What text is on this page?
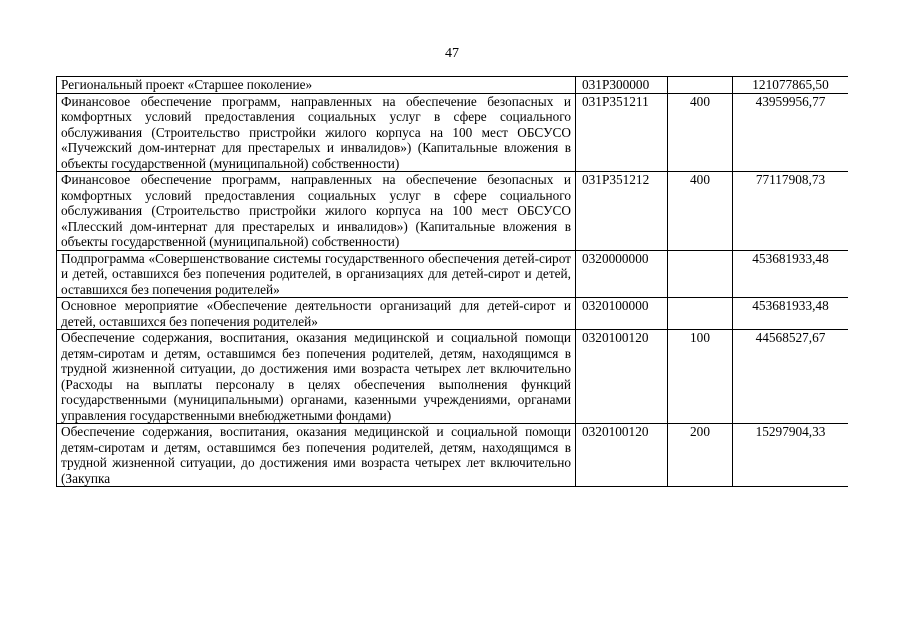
47
Региональный проект «Старшее поколение»	031P300000		121077865,50
Финансовое обеспечение программ, направленных на обеспечение безопасных и комфортных условий предоставления социальных услуг в сфере социального обслуживания (Строительство пристройки жилого корпуса на 100 мест ОБСУСО «Пучежский дом-интернат для престарелых и инвалидов») (Капитальные вложения в объекты государственной (муниципальной) собственности)	031P351211	400	43959956,77
Финансовое обеспечение программ, направленных на обеспечение безопасных и комфортных условий предоставления социальных услуг в сфере социального обслуживания (Строительство пристройки жилого корпуса на 100 мест ОБСУСО «Плесский дом-интернат для престарелых и инвалидов») (Капитальные вложения в объекты государственной (муниципальной) собственности)	031P351212	400	77117908,73
Подпрограмма «Совершенствование системы государственного обеспечения детей-сирот и детей, оставшихся без попечения родителей, в организациях для детей-сирот и детей, оставшихся без попечения родителей»	0320000000		453681933,48
Основное мероприятие «Обеспечение деятельности организаций для детей-сирот и детей, оставшихся без попечения родителей»	0320100000		453681933,48
Обеспечение содержания, воспитания, оказания медицинской и социальной помощи детям-сиротам и детям, оставшимся без попечения родителей, детям, находящимся в трудной жизненной ситуации, до достижения ими возраста четырех лет включительно (Расходы на выплаты персоналу в целях обеспечения выполнения функций государственными (муниципальными) органами, казенными учреждениями, органами управления государственными внебюджетными фондами)	0320100120	100	44568527,67
Обеспечение содержания, воспитания, оказания медицинской и социальной помощи детям-сиротам и детям, оставшимся без попечения родителей, детям, находящимся в трудной жизненной ситуации, до достижения ими возраста четырех лет включительно (Закупка	0320100120	200	15297904,33
